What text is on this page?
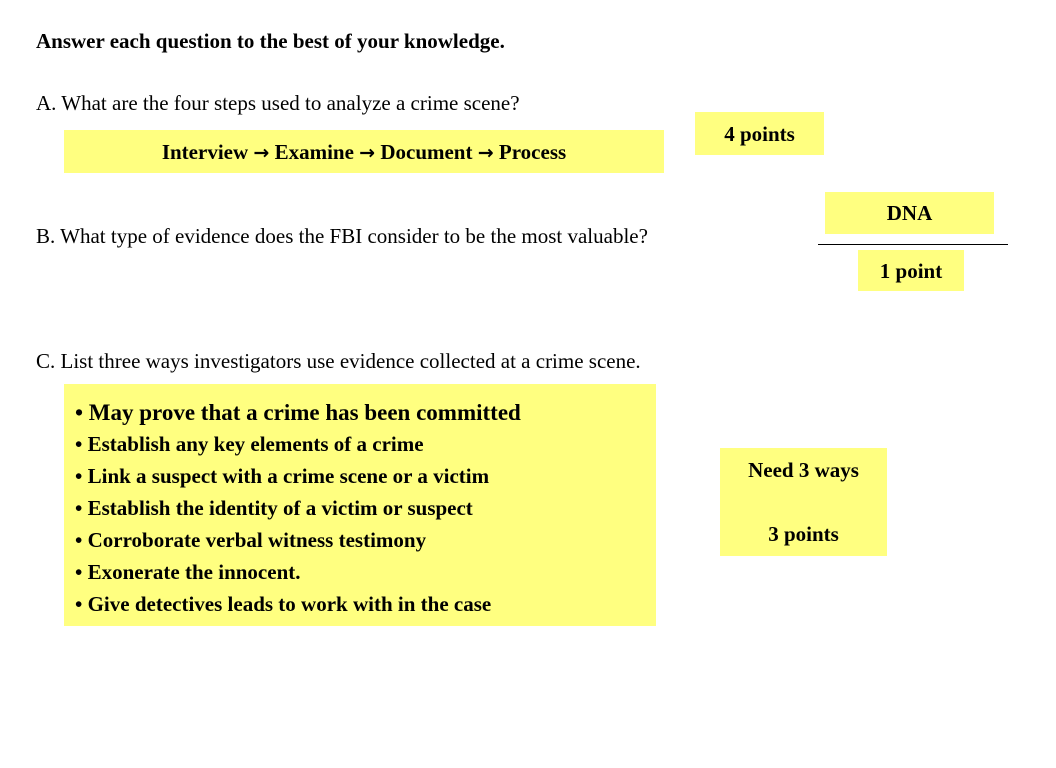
Answer each question to the best of your knowledge.
A. What are the four steps used to analyze a crime scene?
Interview → Examine → Document → Process
4 points
B. What type of evidence does the FBI consider to be the most valuable?
DNA
1 point
C. List three ways investigators use evidence collected at a crime scene.
• May prove that a crime has been committed
• Establish any key elements of a crime
• Link a suspect with a crime scene or a victim
• Establish the identity of a victim or suspect
• Corroborate verbal witness testimony
• Exonerate the innocent.
• Give detectives leads to work with in the case
Need 3 ways
3 points
